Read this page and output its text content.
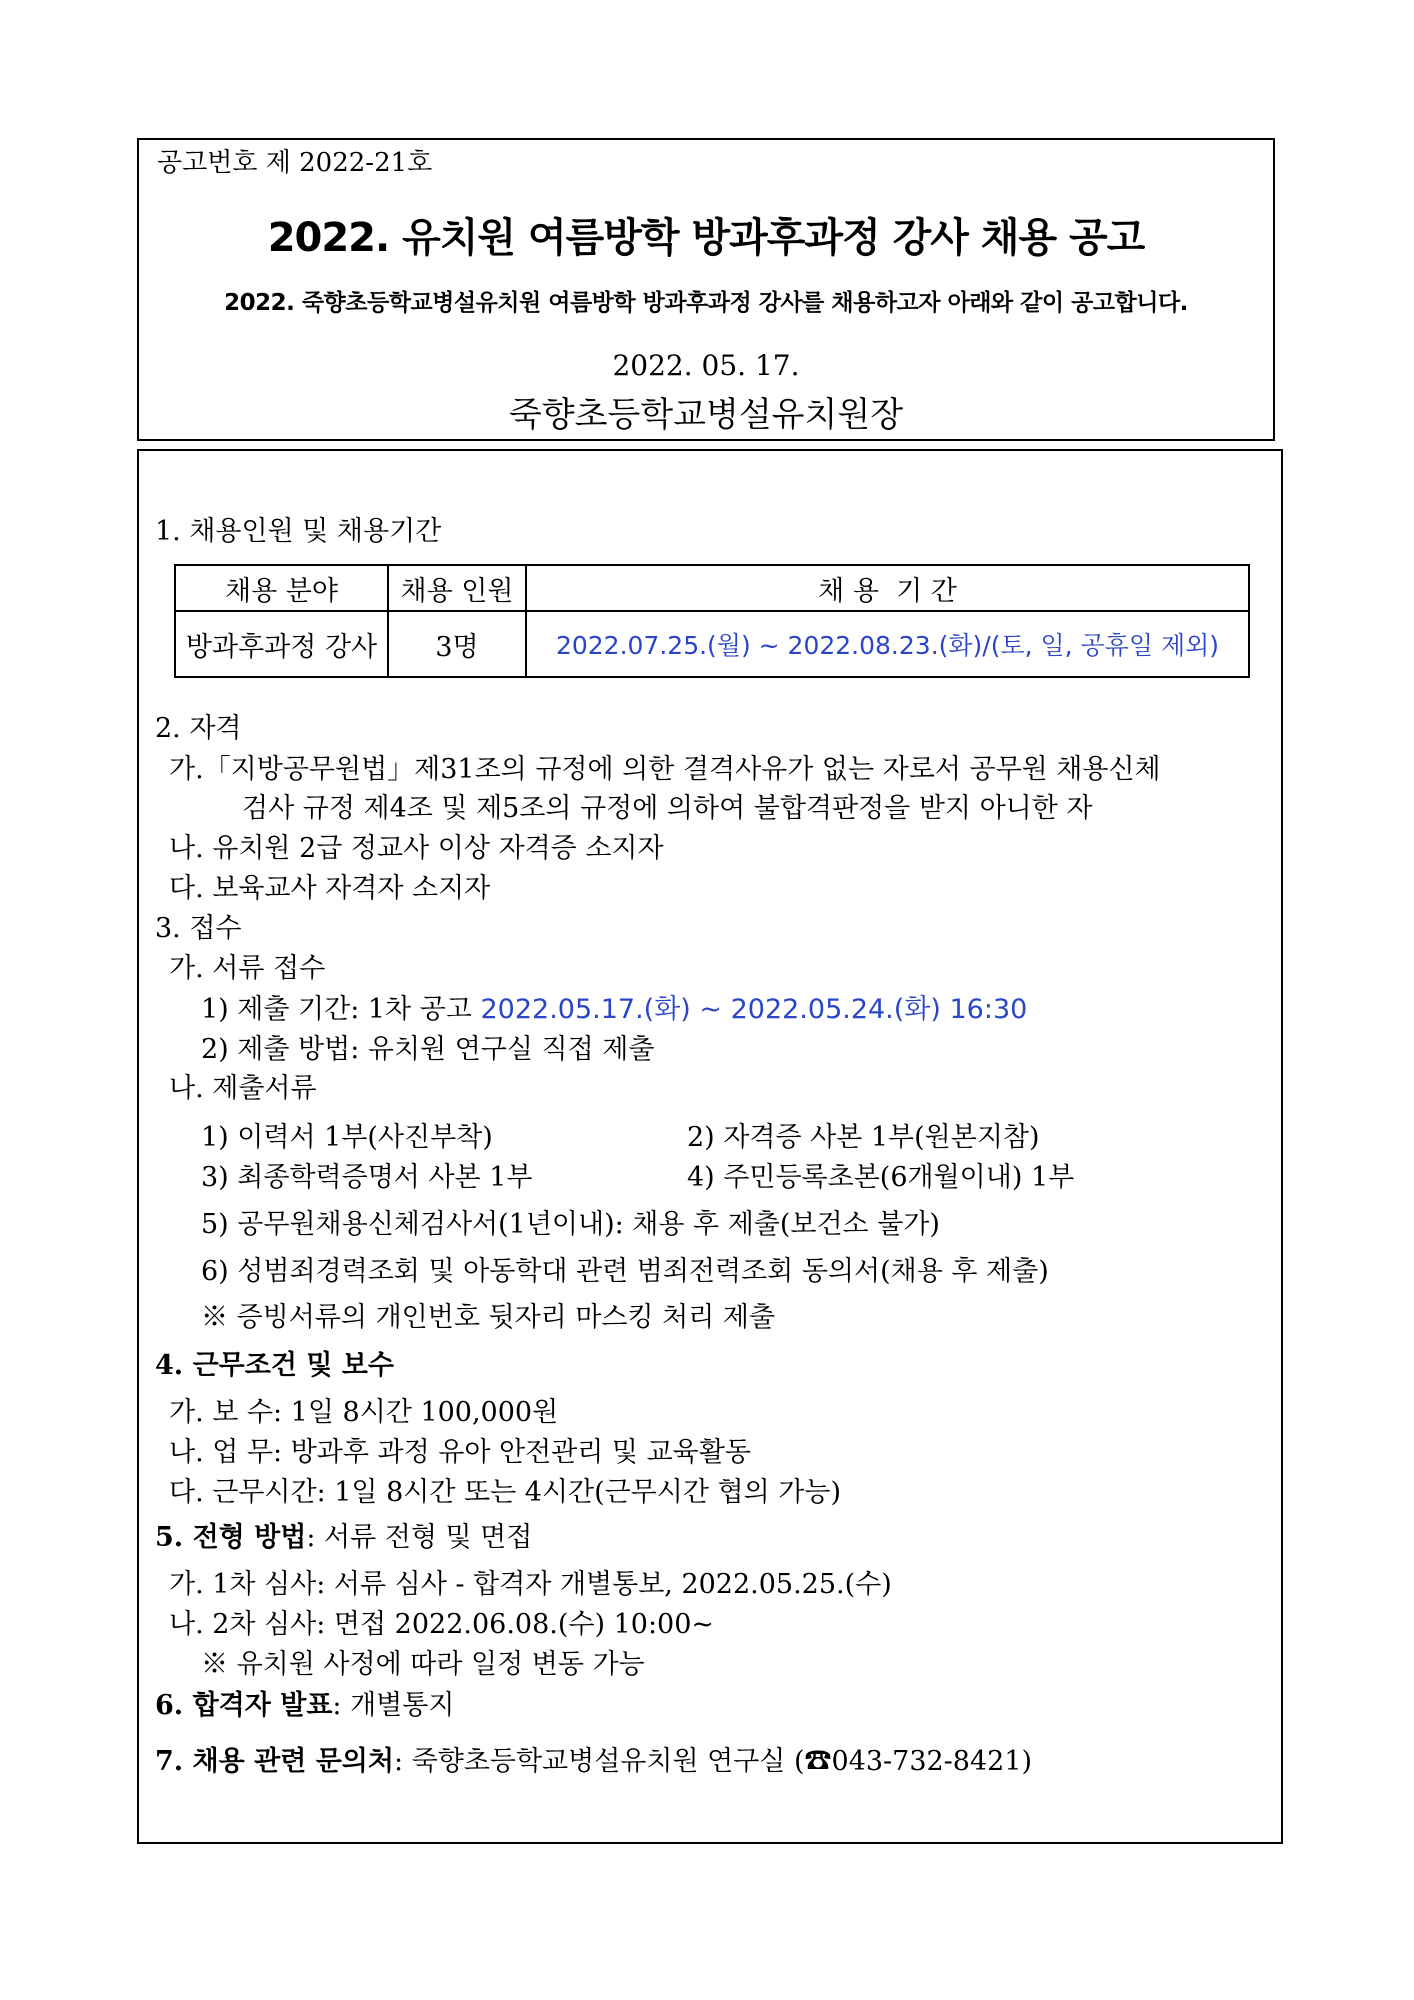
공고번호 제 2022-21호
2022. 유치원 여름방학 방과후과정 강사 채용 공고
2022. 죽향초등학교병설유치원 여름방학 방과후과정 강사를 채용하고자 아래와 같이 공고합니다.
2022. 05. 17.
죽향초등학교병설유치원장
1. 채용인원 및 채용기간
채용 분야	채용 인원	채 용  기 간
방과후과정 강사	3명	2022.07.25.(월) ~ 2022.08.23.(화)/(토, 일, 공휴일 제외)
2. 자격
가.「지방공무원법」제31조의 규정에 의한 결격사유가 없는 자로서 공무원 채용신체
검사 규정 제4조 및 제5조의 규정에 의하여 불합격판정을 받지 아니한 자
나. 유치원 2급 정교사 이상 자격증 소지자
다. 보육교사 자격자 소지자
3. 접수
가. 서류 접수
1) 제출 기간: 1차 공고 2022.05.17.(화) ~ 2022.05.24.(화) 16:30
2) 제출 방법: 유치원 연구실 직접 제출
나. 제출서류
1) 이력서 1부(사진부착)	2) 자격증 사본 1부(원본지참)
3) 최종학력증명서 사본 1부	4) 주민등록초본(6개월이내) 1부
5) 공무원채용신체검사서(1년이내): 채용 후 제출(보건소 불가)
6) 성범죄경력조회 및 아동학대 관련 범죄전력조회 동의서(채용 후 제출)
※ 증빙서류의 개인번호 뒷자리 마스킹 처리 제출
4. 근무조건 및 보수
가. 보 수: 1일 8시간 100,000원
나. 업 무: 방과후 과정 유아 안전관리 및 교육활동
다. 근무시간: 1일 8시간 또는 4시간(근무시간 협의 가능)
5. 전형 방법: 서류 전형 및 면접
가. 1차 심사: 서류 심사 - 합격자 개별통보, 2022.05.25.(수)
나. 2차 심사: 면접 2022.06.08.(수) 10:00~
※ 유치원 사정에 따라 일정 변동 가능
6. 합격자 발표: 개별통지
7. 채용 관련 문의처: 죽향초등학교병설유치원 연구실 (☎043-732-8421)
